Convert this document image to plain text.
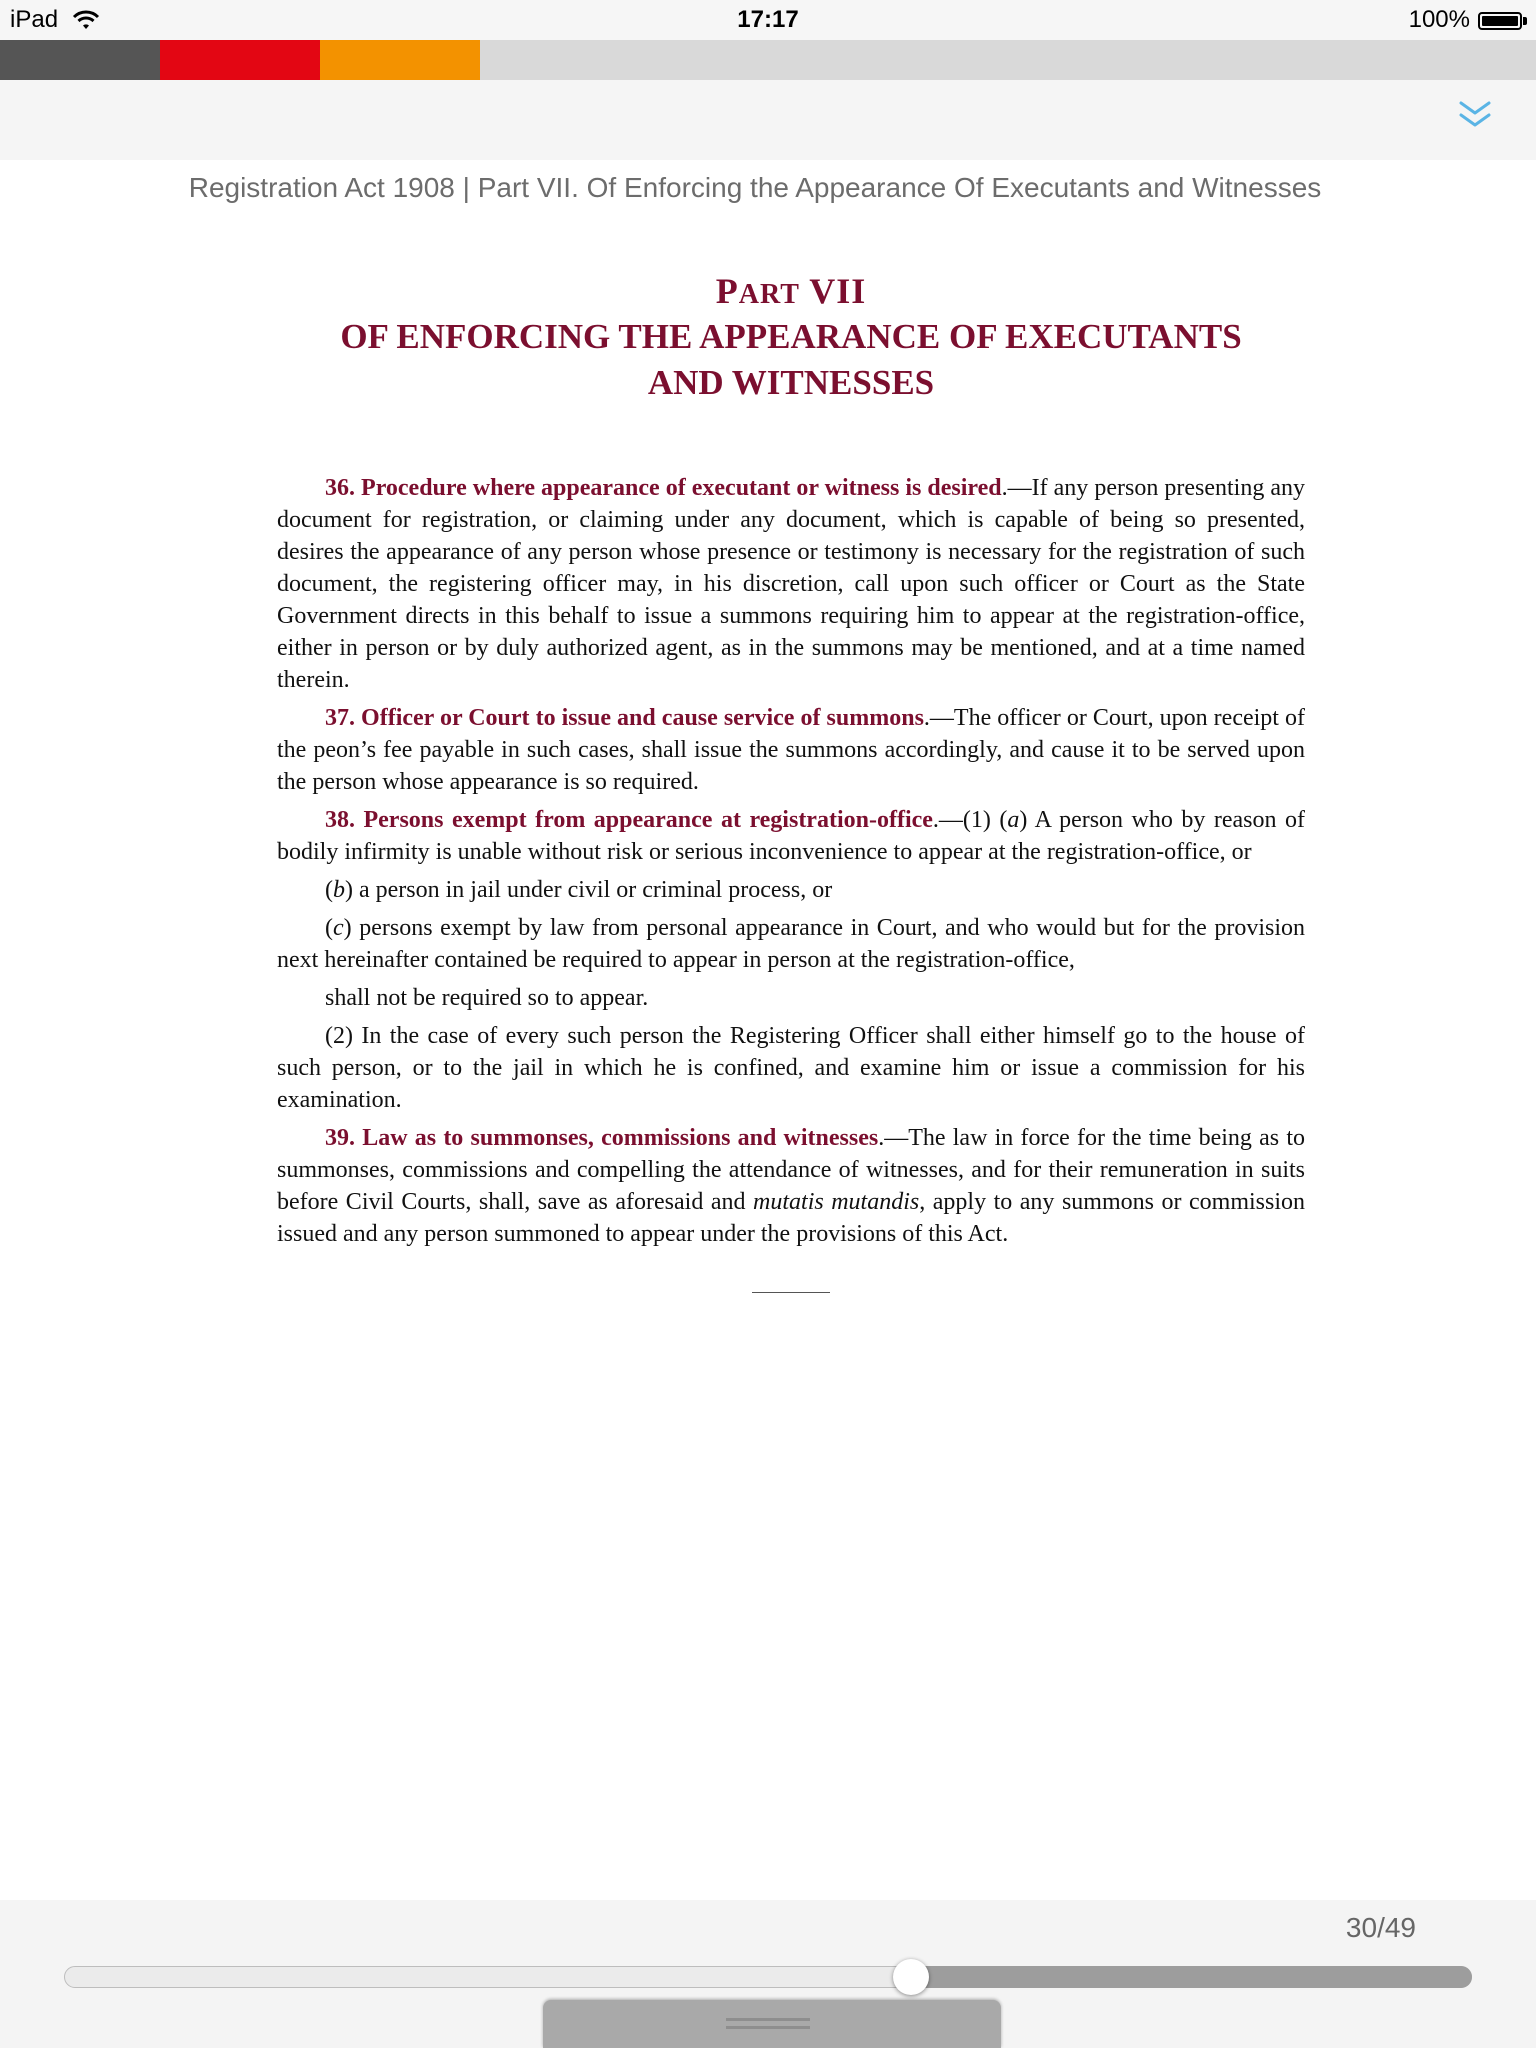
iPad	17:17	100%
Registration Act 1908 | Part VII. Of Enforcing the Appearance Of Executants and Witnesses
PART VII
OF ENFORCING THE APPEARANCE OF EXECUTANTS
AND WITNESSES

36. Procedure where appearance of executant or witness is desired.—If any person presenting any document for registration, or claiming under any document, which is capable of being so presented, desires the appearance of any person whose presence or testimony is necessary for the registration of such document, the registering officer may, in his discretion, call upon such officer or Court as the State Government directs in this behalf to issue a summons requiring him to appear at the registration-office, either in person or by duly authorized agent, as in the summons may be mentioned, and at a time named therein.

37. Officer or Court to issue and cause service of summons.—The officer or Court, upon receipt of the peon’s fee payable in such cases, shall issue the summons accordingly, and cause it to be served upon the person whose appearance is so required.

38. Persons exempt from appearance at registration-office.—(1) (a) A person who by reason of bodily infirmity is unable without risk or serious inconvenience to appear at the registration-office, or

(b) a person in jail under civil or criminal process, or

(c) persons exempt by law from personal appearance in Court, and who would but for the provision next hereinafter contained be required to appear in person at the registration-office,

shall not be required so to appear.

(2) In the case of every such person the Registering Officer shall either himself go to the house of such person, or to the jail in which he is confined, and examine him or issue a commission for his examination.

39. Law as to summonses, commissions and witnesses.—The law in force for the time being as to summonses, commissions and compelling the attendance of witnesses, and for their remuneration in suits before Civil Courts, shall, save as aforesaid and mutatis mutandis, apply to any summons or commission issued and any person summoned to appear under the provisions of this Act.

30/49
